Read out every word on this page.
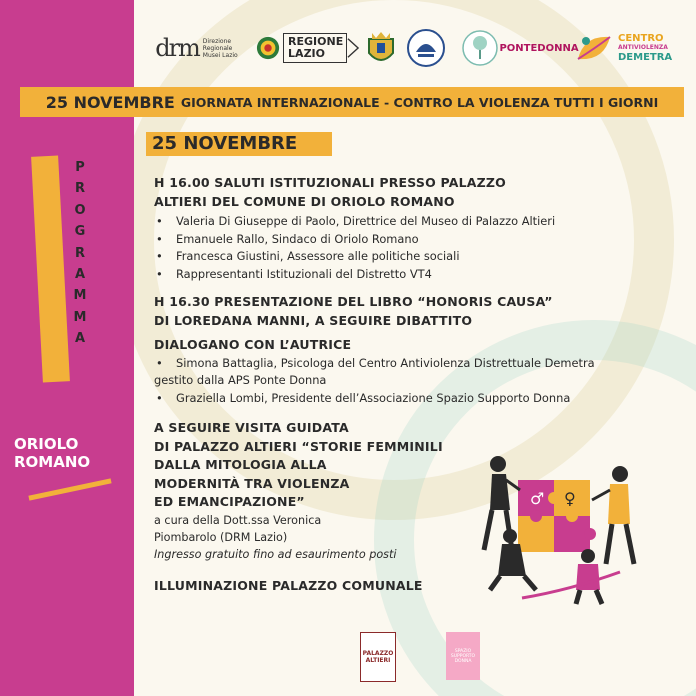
drm Direzione Regionale Musei Lazio
REGIONE LAZIO	PONTEDONNA
CENTRO
ANTIVIOLENZA
DEMETRA
25 NOVEMBRE GIORNATA INTERNAZIONALE - CONTRO LA VIOLENZA TUTTI I GIORNI
25 NOVEMBRE
P
R
O
G
R
A
M
M
A
ORIOLO
ROMANO
H 16.00 SALUTI ISTITUZIONALI PRESSO PALAZZO
ALTIERI DEL COMUNE DI ORIOLO ROMANO
• Valeria Di Giuseppe di Paolo, Direttrice del Museo di Palazzo Altieri
• Emanuele Rallo, Sindaco di Oriolo Romano
• Francesca Giustini, Assessore alle politiche sociali
• Rappresentanti Istituzionali del Distretto VT4
H 16.30 PRESENTAZIONE DEL LIBRO “HONORIS CAUSA”
DI LOREDANA MANNI, A SEGUIRE DIBATTITO
DIALOGANO CON L’AUTRICE
• Simona Battaglia, Psicologa del Centro Antiviolenza Distrettuale Demetra
gestito dalla APS Ponte Donna
• Graziella Lombi, Presidente dell’Associazione Spazio Supporto Donna
A SEGUIRE VISITA GUIDATA
DI PALAZZO ALTIERI “STORIE FEMMINILI
DALLA MITOLOGIA ALLA
MODERNITÀ TRA VIOLENZA
ED EMANCIPAZIONE”
a cura della Dott.ssa Veronica
Piombarolo (DRM Lazio)
Ingresso gratuito fino ad esaurimento posti
ILLUMINAZIONE PALAZZO COMUNALE
♂ ♀
PALAZZO ALTIERI
SPAZIO SUPPORTO DONNA
